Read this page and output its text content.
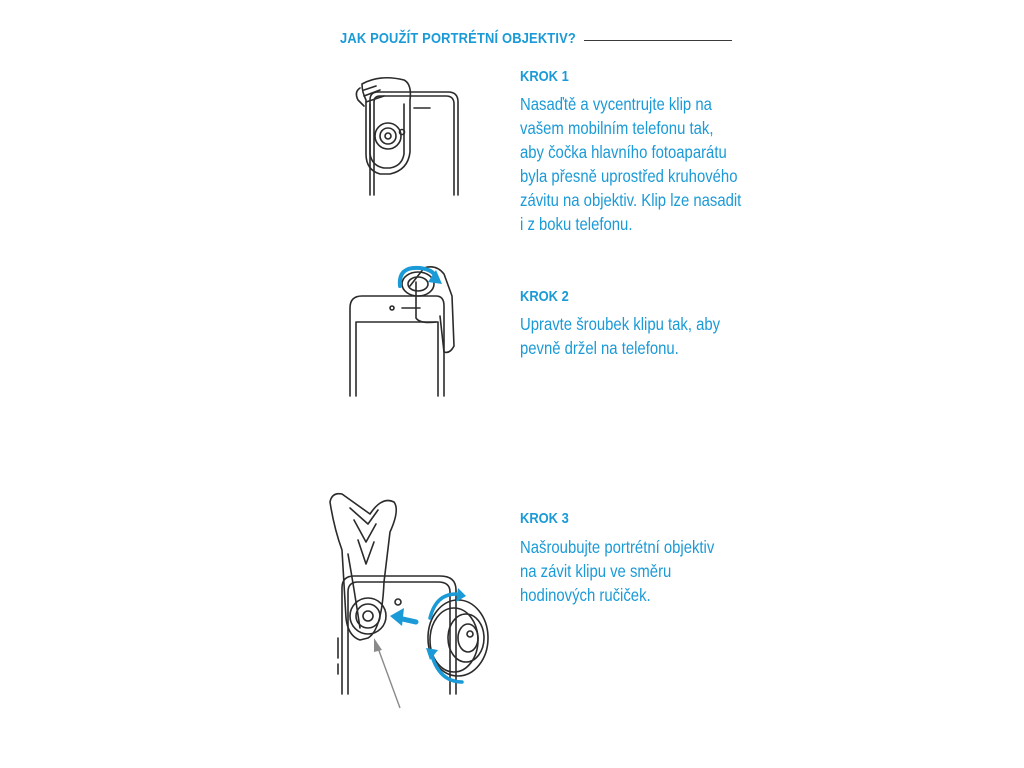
JAK POUŽÍT PORTRÉTNÍ OBJEKTIV?
KROK 1
Nasaďtě a vycentrujte klip na
vašem mobilním telefonu tak,
aby čočka hlavního fotoaparátu
byla přesně uprostřed kruhového
závitu na objektiv. Klip lze nasadit
i z boku telefonu.
KROK 2
Upravte šroubek klipu tak, aby
pevně držel na telefonu.
KROK 3
Našroubujte portrétní objektiv
na závit klipu ve směru
hodinových ručiček.
